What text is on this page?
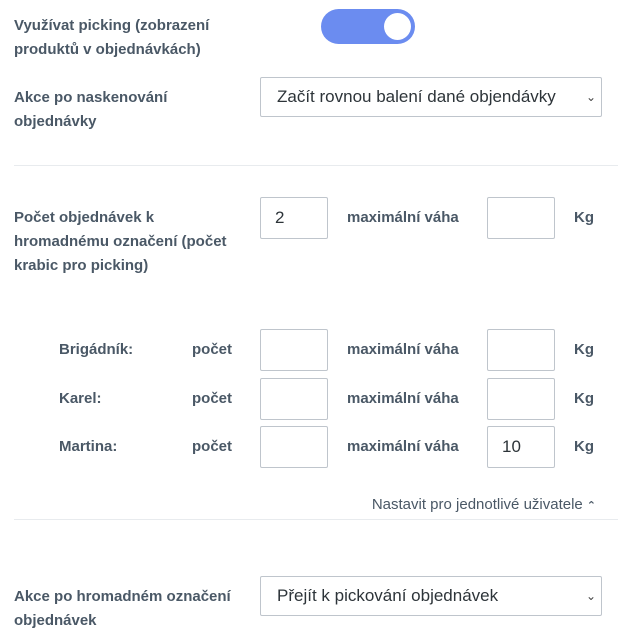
Využívat picking (zobrazení produktů v objednávkách)
Akce po naskenování objednávky
Začít rovnou balení dané objendávky	⌄
Počet objednávek k hromadnému označení (počet krabic pro picking)
2	maximální váha	Kg
Brigádník:	počet	maximální váha	Kg
Karel:	počet	maximální váha	Kg
Martina:	počet	maximální váha	10	Kg
Nastavit pro jednotlivé uživatele ⌃
Akce po hromadném označení objednávek
Přejít k pickování objednávek	⌄
